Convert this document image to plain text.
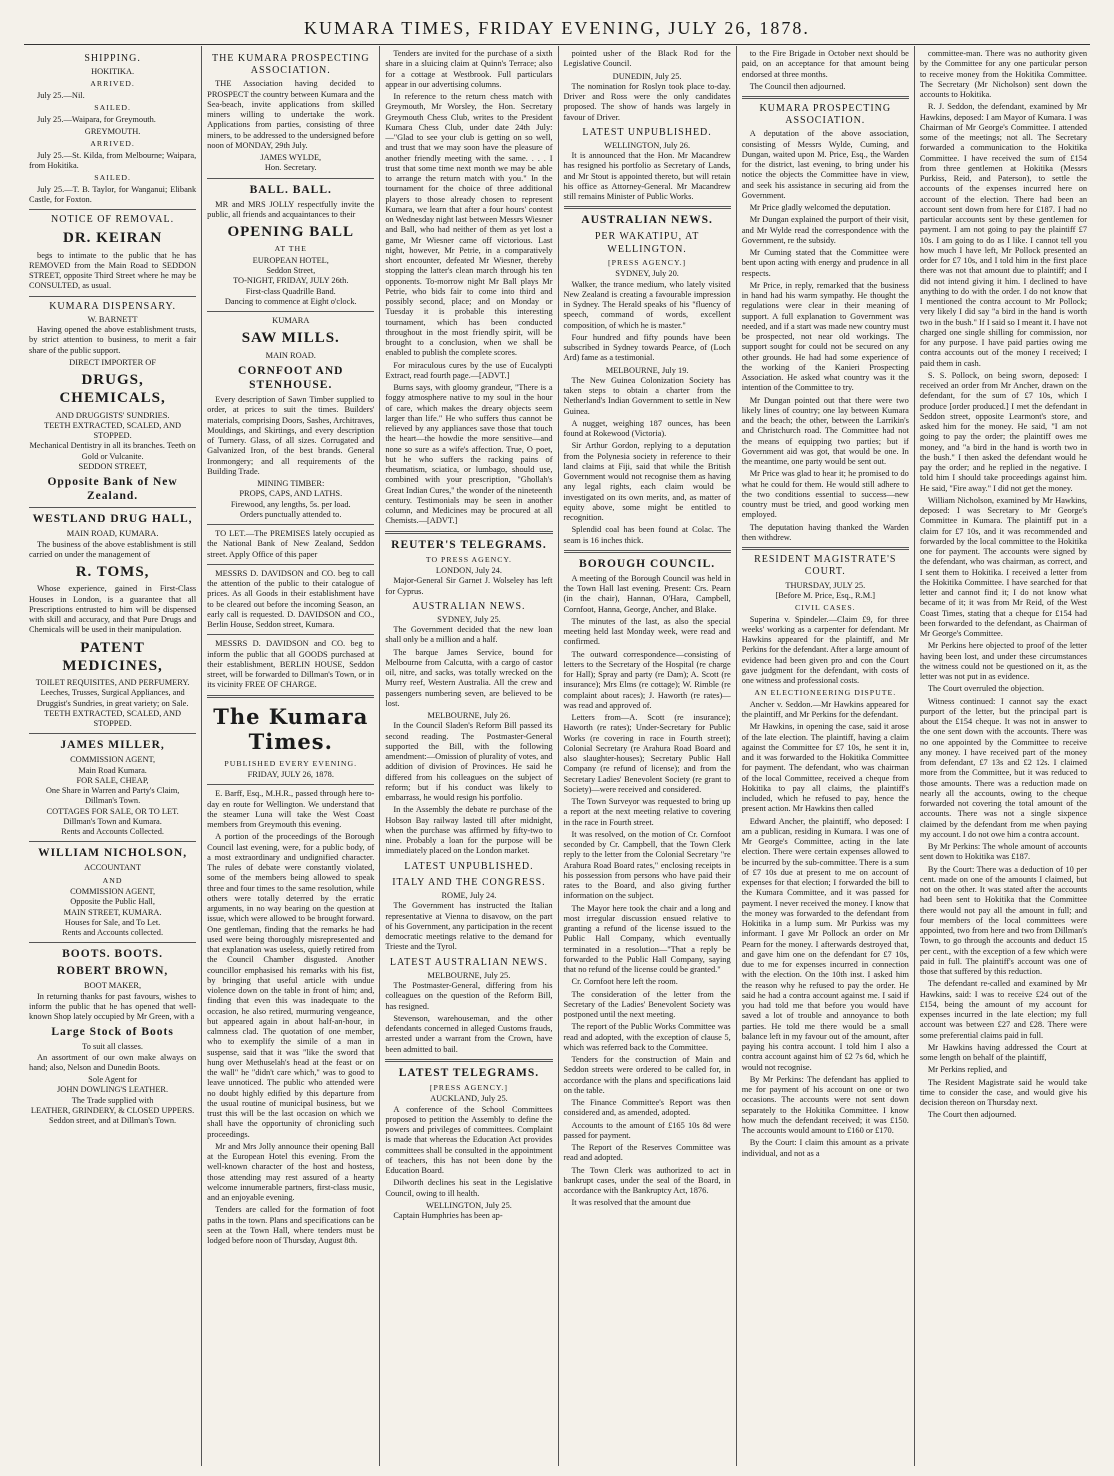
KUMARA TIMES, FRIDAY EVENING, JULY 26, 1878.
SHIPPING.
HOKITIKA.
ARRIVED.

July 25.—Nil.

SAILED.

July 25.—Waipara, for Greymouth.

GREYMOUTH.
ARRIVED.

July 25.—St. Kilda, from Melbourne; Waipara, from Hokitika.

SAILED.

July 25.—T. B. Taylor, for Wanganui; Elibank Castle, for Foxton.

NOTICE OF REMOVAL.
DR. KEIRAN

begs to intimate to the public that he has REMOVED from the Main Road to SEDDON STREET, opposite Third Street where he may be CONSULTED, as usual.

KUMARA DISPENSARY.
W. BARNETT

Having opened the above establishment trusts, by strict attention to business, to merit a fair share of the public support.

DIRECT IMPORTER OF
DRUGS, CHEMICALS,
AND DRUGGISTS' SUNDRIES.
TEETH EXTRACTED, SCALED, AND STOPPED.
Mechanical Dentistry in all its branches. Teeth on Gold or Vulcanite.
SEDDON STREET,
Opposite Bank of New Zealand.
WESTLAND DRUG HALL,
MAIN ROAD, KUMARA.

The business of the above establishment is still carried on under the management of

R. TOMS,

Whose experience, gained in First-Class Houses in London, is a guarantee that all Prescriptions entrusted to him will be dispensed with skill and accuracy, and that Pure Drugs and Chemicals will be used in their manipulation.

PATENT MEDICINES,
TOILET REQUISITES, AND PERFUMERY.
Leeches, Trusses, Surgical Appliances, and Druggist's Sundries, in great variety; on Sale.
TEETH EXTRACTED, SCALED, AND STOPPED.
JAMES MILLER,
COMMISSION AGENT,
Main Road Kumara.
FOR SALE, CHEAP,
One Share in Warren and Party's Claim, Dillman's Town.
COTTAGES FOR SALE, OR TO LET.
Dillman's Town and Kumara.
Rents and Accounts Collected.
WILLIAM NICHOLSON,
ACCOUNTANT
AND
COMMISSION AGENT,
Opposite the Public Hall,
MAIN STREET, KUMARA.
Houses for Sale, and To Let.
Rents and Accounts collected.
BOOTS. BOOTS.
ROBERT BROWN,
BOOT MAKER,

In returning thanks for past favours, wishes to inform the public that he has opened that well-known Shop lately occupied by Mr Green, with a

Large Stock of Boots
To suit all classes.

An assortment of our own make always on hand; also, Nelson and Dunedin Boots.

Sole Agent for
JOHN DOWLING'S LEATHER.
The Trade supplied with
LEATHER, GRINDERY, & CLOSED UPPERS.
Seddon street, and at Dillman's Town.
THE KUMARA PROSPECTING ASSOCIATION.

THE Association having decided to PROSPECT the country between Kumara and the Sea-beach, invite applications from skilled miners willing to undertake the work. Applications from parties, consisting of three miners, to be addressed to the undersigned before noon of MONDAY, 29th July.

JAMES WYLDE,
Hon. Secretary.
BALL. BALL.

MR and MRS JOLLY respectfully invite the public, all friends and acquaintances to their

OPENING BALL
AT THE
EUROPEAN HOTEL,
Seddon Street,
TO-NIGHT, FRIDAY, JULY 26th.
First-class Quadrille Band.
Dancing to commence at Eight o'clock.
KUMARA
SAW MILLS.
MAIN ROAD.
CORNFOOT AND STENHOUSE.

Every description of Sawn Timber supplied to order, at prices to suit the times. Builders' materials, comprising Doors, Sashes, Architraves, Mouldings, and Skirtings, and every description of Turnery. Glass, of all sizes. Corrugated and Galvanized Iron, of the best brands. General Ironmongery; and all requirements of the Building Trade.

MINING TIMBER:
PROPS, CAPS, AND LATHS.
Firewood, any lengths, 5s. per load.
Orders punctually attended to.

TO LET.—The PREMISES lately occupied as the National Bank of New Zealand, Seddon street. Apply Office of this paper

MESSRS D. DAVIDSON and CO. beg to call the attention of the public to their catalogue of prices. As all Goods in their establishment have to be cleared out before the incoming Season, an early call is requested. D. DAVIDSON and CO., Berlin House, Seddon street, Kumara.

MESSRS D. DAVIDSON and CO. beg to inform the public that all GOODS purchased at their establishment, BERLIN HOUSE, Seddon street, will be forwarded to Dillman's Town, or in its vicinity FREE OF CHARGE.

The Kumara Times.
PUBLISHED EVERY EVENING.
FRIDAY, JULY 26, 1878.

E. Barff, Esq., M.H.R., passed through here to-day en route for Wellington. We understand that the steamer Luna will take the West Coast members from Greymouth this evening.

A portion of the proceedings of the Borough Council last evening, were, for a public body, of a most extraordinary and undignified character. The rules of debate were constantly violated, some of the members being allowed to speak three and four times to the same resolution, while others were totally deterred by the erratic arguments, in no way bearing on the question at issue, which were allowed to be brought forward. One gentleman, finding that the remarks he had used were being thoroughly misrepresented and that explanation was useless, quietly retired from the Council Chamber disgusted. Another councillor emphasised his remarks with his fist, by bringing that useful article with undue violence down on the table in front of him; and, finding that even this was inadequate to the occasion, he also retired, murmuring vengeance, but appeared again in about half-an-hour, in calmness clad. The quotation of one member, who to exemplify the simile of a man in suspense, said that it was "like the sword that hung over Methuselah's head at the feast or on the wall" he "didn't care which," was to good to leave unnoticed. The public who attended were no doubt highly edified by this departure from the usual routine of municipal business, but we trust this will be the last occasion on which we shall have the opportunity of chronicling such proceedings.

Mr and Mrs Jolly announce their opening Ball at the European Hotel this evening. From the well-known character of the host and hostess, those attending may rest assured of a hearty welcome innumerable partners, first-class music, and an enjoyable evening.

Tenders are called for the formation of foot paths in the town. Plans and specifications can be seen at the Town Hall, where tenders must be lodged before noon of Thursday, August 8th.

Tenders are invited for the purchase of a sixth share in a sluicing claim at Quinn's Terrace; also for a cottage at Westbrook. Full particulars appear in our advertising columns.

In reference to the return chess match with Greymouth, Mr Worsley, the Hon. Secretary Greymouth Chess Club, writes to the President Kumara Chess Club, under date 24th July:—"Glad to see your club is getting on so well, and trust that we may soon have the pleasure of another friendly meeting with the same. . . . I trust that some time next month we may be able to arrange the return match with you." In the tournament for the choice of three additional players to those already chosen to represent Kumara, we learn that after a four hours' contest on Wednesday night last between Messrs Wiesner and Ball, who had neither of them as yet lost a game, Mr Wiesner came off victorious. Last night, however, Mr Petrie, in a comparatively short encounter, defeated Mr Wiesner, thereby stopping the latter's clean march through his ten opponents. To-morrow night Mr Ball plays Mr Petrie, who bids fair to come into third and possibly second, place; and on Monday or Tuesday it is probable this interesting tournament, which has been conducted throughout in the most friendly spirit, will be brought to a conclusion, when we shall be enabled to publish the complete scores.

For miraculous cures by the use of Eucalypti Extract, read fourth page.—[ADVT.]

Burns says, with gloomy grandeur, "There is a foggy atmosphere native to my soul in the hour of care, which makes the dreary objects seem larger than life." He who suffers thus cannot be relieved by any appliances save those that touch the heart—the howdie the more sensitive—and none so sure as a wife's affection. True, O poet, but he who suffers the racking pains of rheumatism, sciatica, or lumbago, should use, combined with your prescription, "Ghollah's Great Indian Cures," the wonder of the nineteenth century. Testimonials may be seen in another column, and Medicines may be procured at all Chemists.—[ADVT.]

REUTER'S TELEGRAMS.
TO PRESS AGENCY.
LONDON, July 24.

Major-General Sir Garnet J. Wolseley has left for Cyprus.

AUSTRALIAN NEWS.
SYDNEY, July 25.

The Government decided that the new loan shall only be a million and a half.

The barque James Service, bound for Melbourne from Calcutta, with a cargo of castor oil, nitre, and sacks, was totally wrecked on the Murry reef, Western Australia. All the crew and passengers numbering seven, are believed to be lost.

MELBOURNE, July 26.

In the Council Sladen's Reform Bill passed its second reading. The Postmaster-General supported the Bill, with the following amendment:—Omission of plurality of votes, and addition of division of Provinces. He said he differed from his colleagues on the subject of reform; but if his conduct was likely to embarrass, he would resign his portfolio.

In the Assembly the debate re purchase of the Hobson Bay railway lasted till after midnight, when the purchase was affirmed by fifty-two to nine. Probably a loan for the purpose will be immediately placed on the London market.

LATEST UNPUBLISHED.
ITALY AND THE CONGRESS.
ROME, July 24.

The Government has instructed the Italian representative at Vienna to disavow, on the part of his Government, any participation in the recent democratic meetings relative to the demand for Trieste and the Tyrol.

LATEST AUSTRALIAN NEWS.
MELBOURNE, July 25.

The Postmaster-General, differing from his colleagues on the question of the Reform Bill, has resigned.

Stevenson, warehouseman, and the other defendants concerned in alleged Customs frauds, arrested under a warrant from the Crown, have been admitted to bail.

LATEST TELEGRAMS.
[PRESS AGENCY.]
AUCKLAND, July 25.

A conference of the School Committees proposed to petition the Assembly to define the powers and privileges of committees. Complaint is made that whereas the Education Act provides committees shall be consulted in the appointment of teachers, this has not been done by the Education Board.

Dilworth declines his seat in the Legislative Council, owing to ill health.

WELLINGTON, July 25.

Captain Humphries has been ap-

pointed usher of the Black Rod for the Legislative Council.

DUNEDIN, July 25.

The nomination for Roslyn took place to-day. Driver and Ross were the only candidates proposed. The show of hands was largely in favour of Driver.

LATEST UNPUBLISHED.
WELLINGTON, July 26.

It is announced that the Hon. Mr Macandrew has resigned his portfolio as Secretary of Lands, and Mr Stout is appointed thereto, but will retain his office as Attorney-General. Mr Macandrew still remains Minister of Public Works.

AUSTRALIAN NEWS.
PER WAKATIPU, AT WELLINGTON.
[PRESS AGENCY.]
SYDNEY, July 20.

Walker, the trance medium, who lately visited New Zealand is creating a favourable impression in Sydney. The Herald speaks of his "fluency of speech, command of words, excellent composition, of which he is master."

Four hundred and fifty pounds have been subscribed in Sydney towards Pearce, of (Loch Ard) fame as a testimonial.

MELBOURNE, July 19.

The New Guinea Colonization Society has taken steps to obtain a charter from the Netherland's Indian Government to settle in New Guinea.

A nugget, weighing 187 ounces, has been found at Rokewood (Victoria).

Sir Arthur Gordon, replying to a deputation from the Polynesia society in reference to their land claims at Fiji, said that while the British Government would not recognise them as having any legal rights, each claim would be investigated on its own merits, and, as matter of equity above, some might be entitled to recognition.

Splendid coal has been found at Colac. The seam is 16 inches thick.

BOROUGH COUNCIL.

A meeting of the Borough Council was held in the Town Hall last evening. Present: Crs. Pearn (in the chair), Hannan, O'Hara, Campbell, Cornfoot, Hanna, George, Ancher, and Blake.

The minutes of the last, as also the special meeting held last Monday week, were read and confirmed.

The outward correspondence—consisting of letters to the Secretary of the Hospital (re charge for Hall); Spray and party (re Dam); A. Scott (re insurance); Mrs Elms (re cottage); W. Rimble (re complaint about races); J. Haworth (re rates)—was read and approved of.

Letters from—A. Scott (re insurance); Haworth (re rates); Under-Secretary for Public Works (re covering in race in Fourth street); Colonial Secretary (re Arahura Road Board and also slaughter-houses); Secretary Public Hall Company (re refund of license); and from the Secretary Ladies' Benevolent Society (re grant to Society)—were received and considered.

The Town Surveyor was requested to bring up a report at the next meeting relative to covering in the race in Fourth street.

It was resolved, on the motion of Cr. Cornfoot seconded by Cr. Campbell, that the Town Clerk reply to the letter from the Colonial Secretary "re Arahura Road Board rates," enclosing receipts in his possession from persons who have paid their rates to the Board, and also giving further information on the subject.

The Mayor here took the chair and a long and most irregular discussion ensued relative to granting a refund of the license issued to the Public Hall Company, which eventually terminated in a resolution—"That a reply be forwarded to the Public Hall Company, saying that no refund of the license could be granted."

Cr. Cornfoot here left the room.

The consideration of the letter from the Secretary of the Ladies' Benevolent Society was postponed until the next meeting.

The report of the Public Works Committee was read and adopted, with the exception of clause 5, which was referred back to the Committee.

Tenders for the construction of Main and Seddon streets were ordered to be called for, in accordance with the plans and specifications laid on the table.

The Finance Committee's Report was then considered and, as amended, adopted.

Accounts to the amount of £165 10s 8d were passed for payment.

The Report of the Reserves Committee was read and adopted.

The Town Clerk was authorized to act in bankrupt cases, under the seal of the Board, in accordance with the Bankruptcy Act, 1876.

It was resolved that the amount due

to the Fire Brigade in October next should be paid, on an acceptance for that amount being endorsed at three months.

The Council then adjourned.

KUMARA PROSPECTING ASSOCIATION.

A deputation of the above association, consisting of Messrs Wylde, Cuming, and Dungan, waited upon M. Price, Esq., the Warden for the district, last evening, to bring under his notice the objects the Committee have in view, and seek his assistance in securing aid from the Government.

Mr Price gladly welcomed the deputation.

Mr Dungan explained the purport of their visit, and Mr Wylde read the correspondence with the Government, re the subsidy.

Mr Cuming stated that the Committee were bent upon acting with energy and prudence in all respects.

Mr Price, in reply, remarked that the business in hand had his warm sympathy. He thought the regulations were clear in their meaning of support. A full explanation to Government was needed, and if a start was made new country must be prospected, not near old workings. The support sought for could not be secured on any other grounds. He had had some experience of the working of the Kanieri Prospecting Association. He asked what country was it the intention of the Committee to try.

Mr Dungan pointed out that there were two likely lines of country; one lay between Kumara and the beach; the other, between the Larrikin's and Christchurch road. The Committee had not the means of equipping two parties; but if Government aid was got, that would be one. In the meantime, one party would be sent out.

Mr Price was glad to hear it; he promised to do what he could for them. He would still adhere to the two conditions essential to success—new country must be tried, and good working men employed.

The deputation having thanked the Warden then withdrew.

RESIDENT MAGISTRATE'S COURT.
THURSDAY, JULY 25.
[Before M. Price, Esq., R.M.]
CIVIL CASES.

Superina v. Spindeler.—Claim £9, for three weeks' working as a carpenter for defendant. Mr Hawkins appeared for the plaintiff, and Mr Perkins for the defendant. After a large amount of evidence had been given pro and con the Court gave judgment for the defendant, with costs of one witness and professional costs.

AN ELECTIONEERING DISPUTE.

Ancher v. Seddon.—Mr Hawkins appeared for the plaintiff, and Mr Perkins for the defendant.

Mr Hawkins, in opening the case, said it arose of the late election. The plaintiff, having a claim against the Committee for £7 10s, he sent it in, and it was forwarded to the Hokitika Committee for payment. The defendant, who was chairman of the local Committee, received a cheque from Hokitika to pay all claims, the plaintiff's included, which he refused to pay, hence the present action. Mr Hawkins then called

Edward Ancher, the plaintiff, who deposed: I am a publican, residing in Kumara. I was one of Mr George's Committee, acting in the late election. There were certain expenses allowed to be incurred by the sub-committee. There is a sum of £7 10s due at present to me on account of expenses for that election; I forwarded the bill to the Kumara Committee, and it was passed for payment. I never received the money. I know that the money was forwarded to the defendant from Hokitika in a lump sum. Mr Purkiss was my informant. I gave Mr Pollock an order on Mr Pearn for the money. I afterwards destroyed that, and gave him one on the defendant for £7 10s, due to me for expenses incurred in connection with the election. On the 10th inst. I asked him the reason why he refused to pay the order. He said he had a contra account against me. I said if you had told me that before you would have saved a lot of trouble and annoyance to both parties. He told me there would be a small balance left in my favour out of the amount, after paying his contra account. I told him I also a contra account against him of £2 7s 6d, which he would not recognise.

By Mr Perkins: The defendant has applied to me for payment of his account on one or two occasions. The accounts were not sent down separately to the Hokitika Committee. I know how much the defendant received; it was £150. The accounts would amount to £160 or £170.

By the Court: I claim this amount as a private individual, and not as a

committee-man. There was no authority given by the Committee for any one particular person to receive money from the Hokitika Committee. The Secretary (Mr Nicholson) sent down the accounts to Hokitika.

R. J. Seddon, the defendant, examined by Mr Hawkins, deposed: I am Mayor of Kumara. I was Chairman of Mr George's Committee. I attended some of the meetings; not all. The Secretary forwarded a communication to the Hokitika Committee. I have received the sum of £154 from three gentlemen at Hokitika (Messrs Purkiss, Reid, and Paterson), to settle the accounts of the expenses incurred here on account of the election. There had been an account sent down from here for £187. I had no particular accounts sent by these gentlemen for payment. I am not going to pay the plaintiff £7 10s. I am going to do as I like. I cannot tell you how much I have left, Mr Pollock presented an order for £7 10s, and I told him in the first place there was not that amount due to plaintiff; and I did not intend giving it him. I declined to have anything to do with the order. I do not know that I mentioned the contra account to Mr Pollock; very likely I did say "a bird in the hand is worth two in the bush." If I said so I meant it. I have not charged one single shilling for commission, nor for any purpose. I have paid parties owing me contra accounts out of the money I received; I paid them in cash.

S. S. Pollock, on being sworn, deposed: I received an order from Mr Ancher, drawn on the defendant, for the sum of £7 10s, which I produce [order produced.] I met the defendant in Seddon street, opposite Learmont's store, and asked him for the money. He said, "I am not going to pay the order; the plaintiff owes me money, and "a bird in the hand is worth two in the bush." I then asked the defendant would he pay the order; and he replied in the negative. I told him I should take proceedings against him. He said, "Fire away." I did not get the money.

William Nicholson, examined by Mr Hawkins, deposed: I was Secretary to Mr George's Committee in Kumara. The plaintiff put in a claim for £7 10s, and it was recommended and forwarded by the local committee to the Hokitika one for payment. The accounts were signed by the defendant, who was chairman, as correct, and I sent them to Hokitika. I received a letter from the Hokitika Committee. I have searched for that letter and cannot find it; I do not know what became of it; it was from Mr Reid, of the West Coast Times, stating that a cheque for £154 had been forwarded to the defendant, as Chairman of Mr George's Committee.

Mr Perkins here objected to proof of the letter having been lost, and under these circumstances the witness could not be questioned on it, as the letter was not put in as evidence.

The Court overruled the objection.

Witness continued: I cannot say the exact purport of the letter, but the principal part is about the £154 cheque. It was not in answer to the one sent down with the accounts. There was no one appointed by the Committee to receive any money. I have received part of the money from defendant, £7 13s and £2 12s. I claimed more from the Committee, but it was reduced to those amounts. There was a reduction made on nearly all the accounts, owing to the cheque forwarded not covering the total amount of the accounts. There was not a single sixpence claimed by the defendant from me when paying my account. I do not owe him a contra account.

By Mr Perkins: The whole amount of accounts sent down to Hokitika was £187.

By the Court: There was a deduction of 10 per cent. made on one of the amounts I claimed, but not on the other. It was stated after the accounts had been sent to Hokitika that the Committee there would not pay all the amount in full; and four members of the local committees were appointed, two from here and two from Dillman's Town, to go through the accounts and deduct 15 per cent., with the exception of a few which were paid in full. The plaintiff's account was one of those that suffered by this reduction.

The defendant re-called and examined by Mr Hawkins, said: I was to receive £24 out of the £154, being the amount of my account for expenses incurred in the late election; my full account was between £27 and £28. There were some preferential claims paid in full.

Mr Hawkins having addressed the Court at some length on behalf of the plaintiff,

Mr Perkins replied, and

The Resident Magistrate said he would take time to consider the case, and would give his decision thereon on Thursday next.

The Court then adjourned.
